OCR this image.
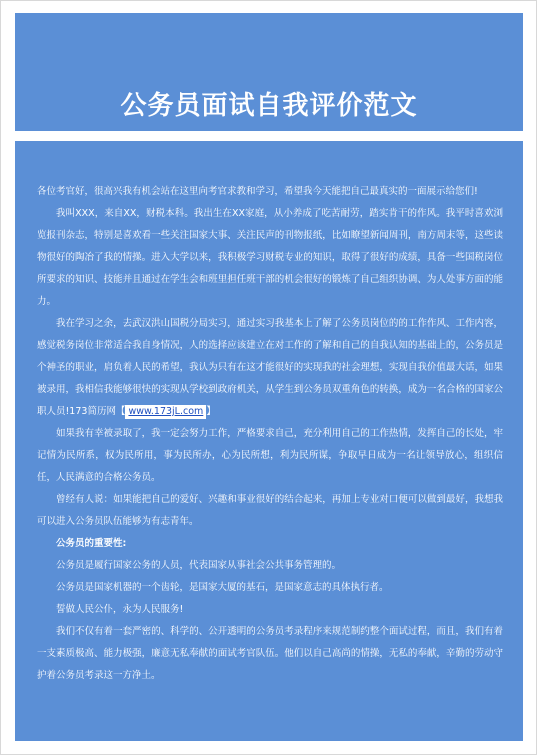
公务员面试自我评价范文

各位考官好，很高兴我有机会站在这里向考官求教和学习，希望我今天能把自己最真实的一面展示给您们!

我叫XXX，来自XX，财税本科。我出生在XX家庭，从小养成了吃苦耐劳，踏实肯干的作风。我平时喜欢浏览报刊杂志，特别是喜欢看一些关注国家大事、关注民声的刊物报纸，比如瞭望新闻周刊，南方周末等，这些读物很好的陶冶了我的情操。进入大学以来，我积极学习财税专业的知识，取得了很好的成绩，具备一些国税岗位所要求的知识、技能并且通过在学生会和班里担任班干部的机会很好的锻炼了自己组织协调、为人处事方面的能力。

我在学习之余，去武汉洪山国税分局实习，通过实习我基本上了解了公务员岗位的的工作作风、工作内容，感觉税务岗位非常适合我自身情况，人的选择应该建立在对工作的了解和自己的自我认知的基础上的，公务员是个神圣的职业，肩负着人民的希望，我认为只有在这才能很好的实现我的社会理想，实现自我价值最大话，如果被录用，我相信我能够很快的实现从学校到政府机关，从学生到公务员双重角色的转换，成为一名合格的国家公职人员!173简历网【 www.173jL.com 】

如果我有幸被录取了，我一定会努力工作，严格要求自己，充分利用自己的工作热情，发挥自己的长处，牢记情为民所系，权为民所用，事为民所办，心为民所想，利为民所谋，争取早日成为一名让领导放心，组织信任，人民满意的合格公务员。

曾经有人说：如果能把自己的爱好、兴趣和事业很好的结合起来，再加上专业对口便可以做到最好，我想我可以进入公务员队伍能够为有志青年。

公务员的重要性:

公务员是履行国家公务的人员，代表国家从事社会公共事务管理的。

公务员是国家机器的一个齿轮，是国家大厦的基石，是国家意志的具体执行者。

誓做人民公仆，永为人民服务!

我们不仅有着一套严密的、科学的、公开透明的公务员考录程序来规范制约整个面试过程，而且，我们有着一支素质极高、能力极强，廉意无私奉献的面试考官队伍。他们以自己高尚的情操，无私的奉献，辛勤的劳动守护着公务员考录这一方净土。
